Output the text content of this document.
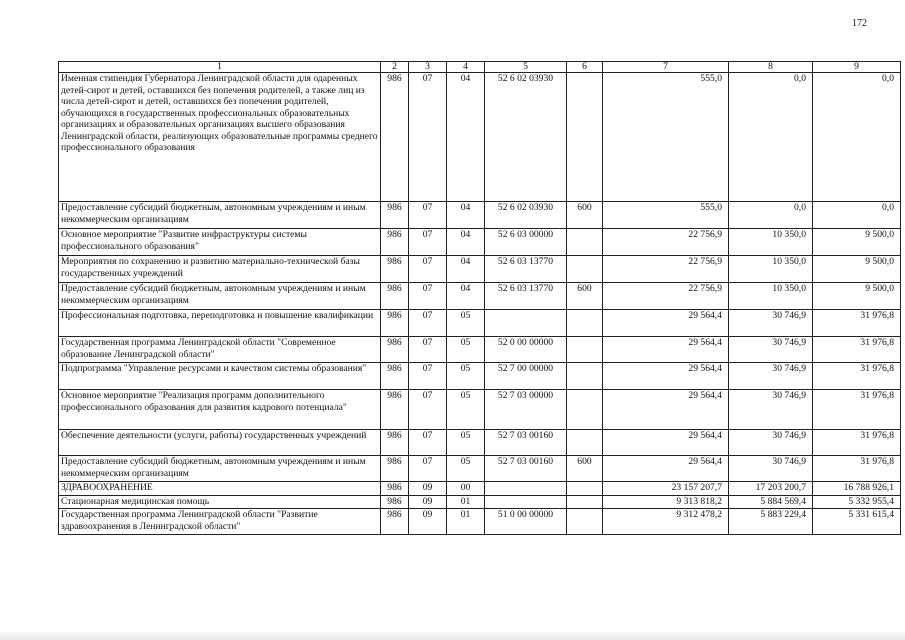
172
1	2	3	4	5	6	7	8	9
Именная стипендия Губернатора Ленинградской области для одаренных детей-сирот и детей, оставшихся без попечения родителей, а также лиц из числа детей-сирот и детей, оставшихся без попечения родителей, обучающихся в государственных профессиональных образовательных организациях и образовательных организациях высшего образования Ленинградской области, реализующих образовательные программы среднего профессионального образования	986	07	04	52 6 02 03930		555,0	0,0	0,0
Предоставление субсидий бюджетным, автономным учреждениям и иным некоммерческим организациям	986	07	04	52 6 02 03930	600	555,0	0,0	0,0
Основное мероприятие "Развитие инфраструктуры системы профессионального образования"	986	07	04	52 6 03 00000		22 756,9	10 350,0	9 500,0
Мероприятия по сохранению и развитию материально-технической базы государственных учреждений	986	07	04	52 6 03 13770		22 756,9	10 350,0	9 500,0
Предоставление субсидий бюджетным, автономным учреждениям и иным некоммерческим организациям	986	07	04	52 6 03 13770	600	22 756,9	10 350,0	9 500,0
Профессиональная подготовка, переподготовка и повышение квалификации	986	07	05			29 564,4	30 746,9	31 976,8
Государственная программа Ленинградской области "Современное образование Ленинградской области"	986	07	05	52 0 00 00000		29 564,4	30 746,9	31 976,8
Подпрограмма "Управление ресурсами и качеством системы образования"	986	07	05	52 7 00 00000		29 564,4	30 746,9	31 976,8
Основное мероприятие "Реализация программ дополнительного профессионального образования для развития кадрового потенциала"	986	07	05	52 7 03 00000		29 564,4	30 746,9	31 976,8
Обеспечение деятельности (услуги, работы) государственных учреждений	986	07	05	52 7 03 00160		29 564,4	30 746,9	31 976,8
Предоставление субсидий бюджетным, автономным учреждениям и иным некоммерческим организациям	986	07	05	52 7 03 00160	600	29 564,4	30 746,9	31 976,8
ЗДРАВООХРАНЕНИЕ	986	09	00			23 157 207,7	17 203 200,7	16 788 926,1
Стационарная медицинская помощь	986	09	01			9 313 818,2	5 884 569,4	5 332 955,4
Государственная программа Ленинградской области "Развитие здравоохранения в Ленинградской области"	986	09	01	51 0 00 00000		9 312 478,2	5 883 229,4	5 331 615,4
